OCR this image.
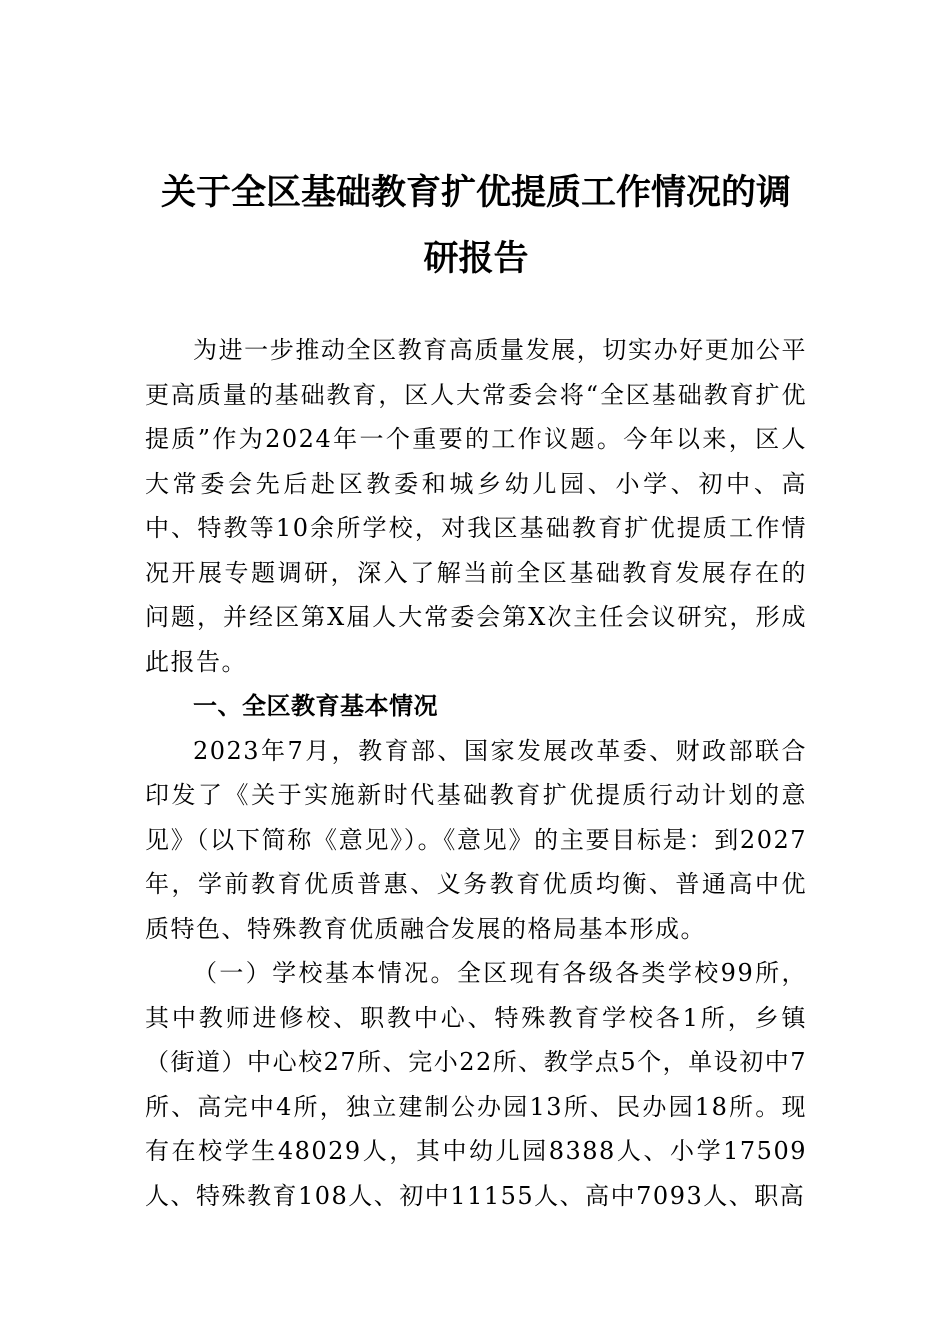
关于全区基础教育扩优提质工作情况的调研报告

为进一步推动全区教育高质量发展，切实办好更加公平更高质量的基础教育，区人大常委会将“全区基础教育扩优提质”作为2024年一个重要的工作议题。今年以来，区人大常委会先后赴区教委和城乡幼儿园、小学、初中、高中、特教等10余所学校，对我区基础教育扩优提质工作情况开展专题调研，深入了解当前全区基础教育发展存在的问题，并经区第X届人大常委会第X次主任会议研究，形成此报告。

一、全区教育基本情况

2023年7月，教育部、国家发展改革委、财政部联合印发了《关于实施新时代基础教育扩优提质行动计划的意见》（以下简称《意见》）。《意见》的主要目标是：到2027年，学前教育优质普惠、义务教育优质均衡、普通高中优质特色、特殊教育优质融合发展的格局基本形成。

（一）学校基本情况。全区现有各级各类学校99所，其中教师进修校、职教中心、特殊教育学校各1所，乡镇（街道）中心校27所、完小22所、教学点5个，单设初中7所、高完中4所，独立建制公办园13所、民办园18所。现有在校学生48029人，其中幼儿园8388人、小学17509人、特殊教育108人、初中11155人、高中7093人、职高
